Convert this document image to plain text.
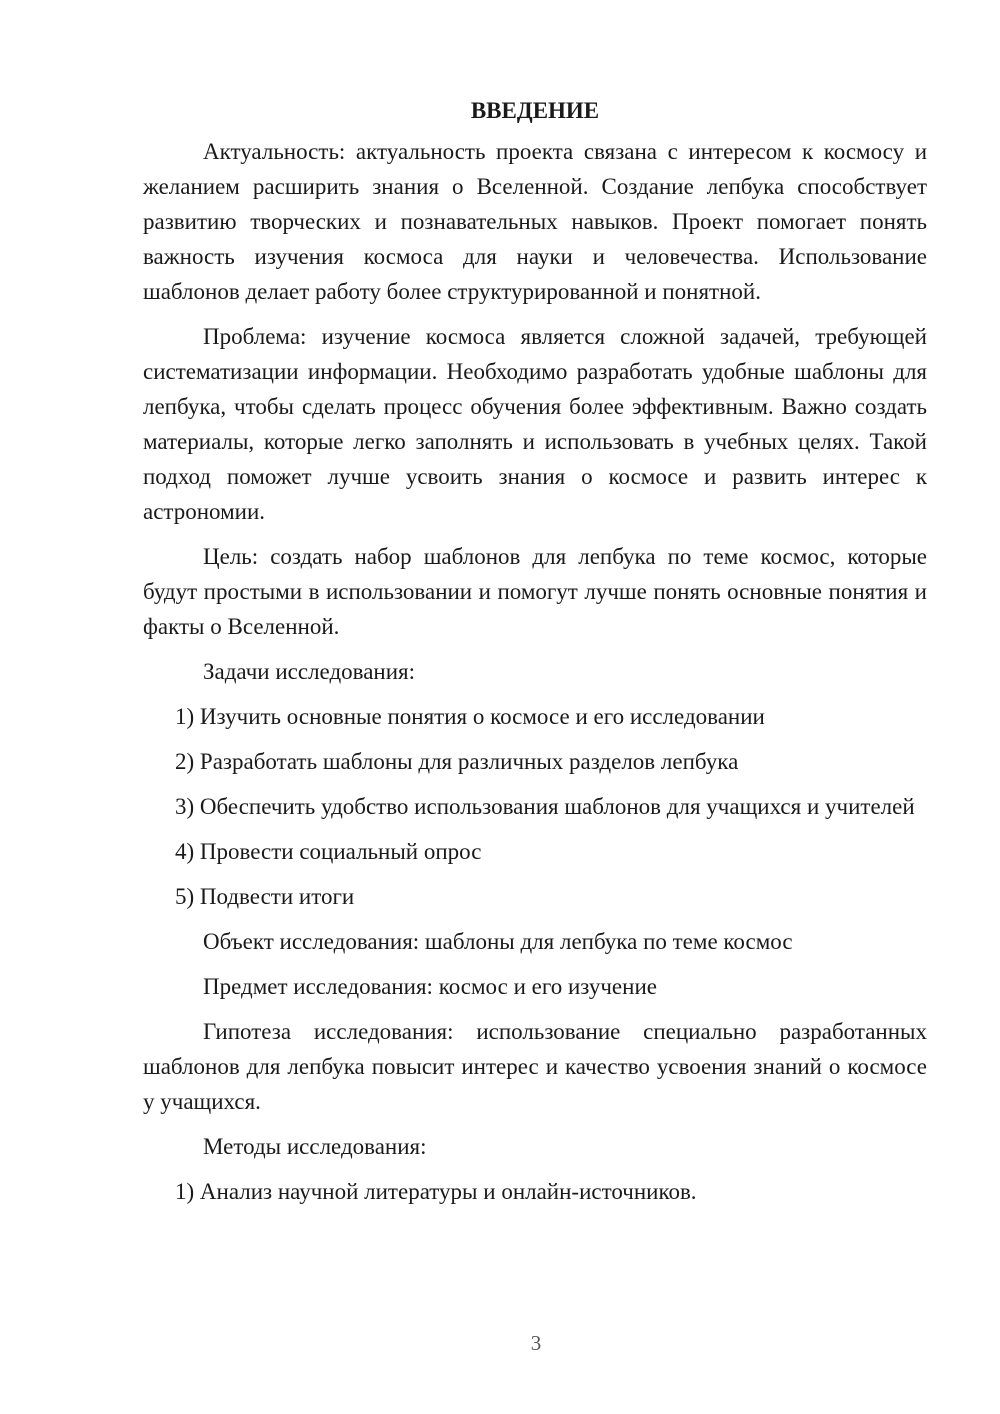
ВВЕДЕНИЕ

Актуальность: актуальность проекта связана с интересом к космосу и желанием расширить знания о Вселенной. Создание лепбука способствует развитию творческих и познавательных навыков. Проект помогает понять важность изучения космоса для науки и человечества. Использование шаблонов делает работу более структурированной и понятной.

Проблема: изучение космоса является сложной задачей, требующей систематизации информации. Необходимо разработать удобные шаблоны для лепбука, чтобы сделать процесс обучения более эффективным. Важно создать материалы, которые легко заполнять и использовать в учебных целях. Такой подход поможет лучше усвоить знания о космосе и развить интерес к астрономии.

Цель: создать набор шаблонов для лепбука по теме космос, которые будут простыми в использовании и помогут лучше понять основные понятия и факты о Вселенной.

Задачи исследования:

1) Изучить основные понятия о космосе и его исследовании

2) Разработать шаблоны для различных разделов лепбука

3) Обеспечить удобство использования шаблонов для учащихся и учителей

4) Провести социальный опрос

5) Подвести итоги

Объект исследования: шаблоны для лепбука по теме космос

Предмет исследования: космос и его изучение

Гипотеза исследования: использование специально разработанных шаблонов для лепбука повысит интерес и качество усвоения знаний о космосе у учащихся.

Методы исследования:

1) Анализ научной литературы и онлайн-источников.

3
